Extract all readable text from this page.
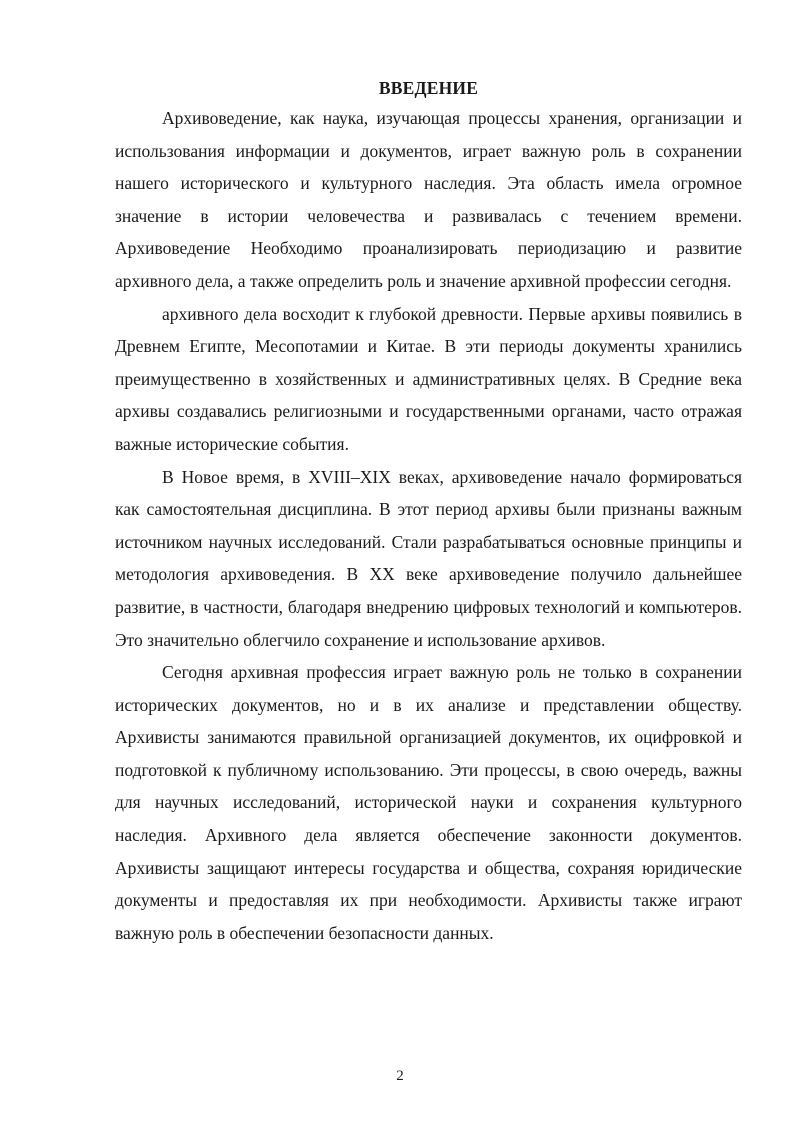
ВВЕДЕНИЕ

Архивоведение, как наука, изучающая процессы хранения, организации и использования информации и документов, играет важную роль в сохранении нашего исторического и культурного наследия. Эта область имела огромное значение в истории человечества и развивалась с течением времени. Архивоведение Необходимо проанализировать периодизацию и развитие архивного дела, а также определить роль и значение архивной профессии сегодня.

архивного дела восходит к глубокой древности. Первые архивы появились в Древнем Египте, Месопотамии и Китае. В эти периоды документы хранились преимущественно в хозяйственных и административных целях. В Средние века архивы создавались религиозными и государственными органами, часто отражая важные исторические события.

В Новое время, в XVIII–XIX веках, архивоведение начало формироваться как самостоятельная дисциплина. В этот период архивы были признаны важным источником научных исследований. Стали разрабатываться основные принципы и методология архивоведения. В XX веке архивоведение получило дальнейшее развитие, в частности, благодаря внедрению цифровых технологий и компьютеров. Это значительно облегчило сохранение и использование архивов.

Сегодня архивная профессия играет важную роль не только в сохранении исторических документов, но и в их анализе и представлении обществу. Архивисты занимаются правильной организацией документов, их оцифровкой и подготовкой к публичному использованию. Эти процессы, в свою очередь, важны для научных исследований, исторической науки и сохранения культурного наследия. Архивного дела является обеспечение законности документов. Архивисты защищают интересы государства и общества, сохраняя юридические документы и предоставляя их при необходимости. Архивисты также играют важную роль в обеспечении безопасности данных.

2
